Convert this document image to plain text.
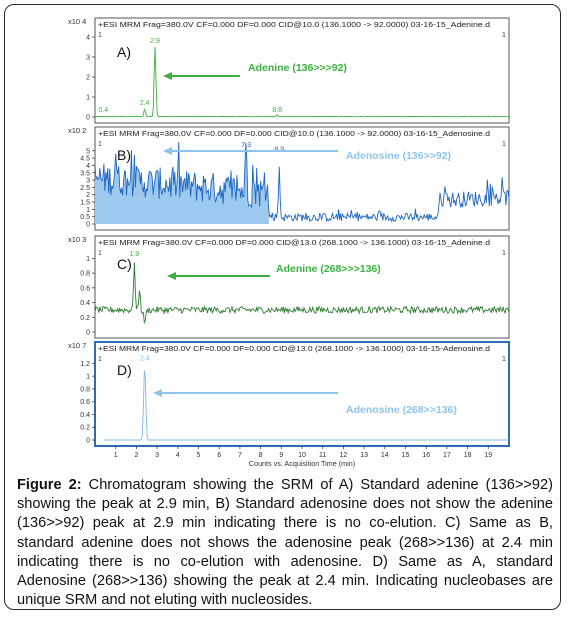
x10 4 +ESI MRM Frag=380.0V CF=0.000 DF=0.000 CID@10.0 (136.1000 -> 92.0000) 03-16-15_Adenine.d
1	1
0
1
2
3
4
0.4
2.4
2.9
8.8
A)
Adenine (136>>>92)
x10 2 +ESI MRM Frag=380.0V CF=0.000 DF=0.000 CID@10.0 (136.1000 -> 92.0000) 03-16-15_Adenosine.d
1	1
0
0.5
1
1.5
2
2.5
3
3.5
4
4.5
5
7.3
8.9
B)	Adenosine (136>>92)
x10 3 +ESI MRM Frag=380.0V CF=0.000 DF=0.000 CID@13.0 (268.1000 -> 136.1000) 03-16-15_Adenine.d
1	1
0
0.2
0.4
0.6
0.8
1
1.9
C)	Adenine (268>>>136)
x10 7 +ESI MRM Frag=380.0V CF=0.000 DF=0.000 CID@13.0 (268.1000 -> 136.1000) 03-16-15-Adenosine.d
1	1
0
0.2
0.4
0.6
0.8
1
1.2
2.4
D)
Adenosine (268>>136)
1 2 3 4 5 6 7 8 9 10 11 12 13 14 15 16 17 18 19
Counts vs. Acquisition Time (min)
Figure 2: Chromatogram showing the SRM of A) Standard adenine (136>>92) showing the peak at 2.9 min, B) Standard adenosine does not show the adenine (136>>92) peak at 2.9 min indicating there is no co-elution. C) Same as B, standard adenine does not shows the adenosine peak (268>>136) at 2.4 min indicating there is no co-elution with adenosine. D) Same as A, standard Adenosine (268>>136) showing the peak at 2.4 min. Indicating nucleobases are unique SRM and not eluting with nucleosides.
